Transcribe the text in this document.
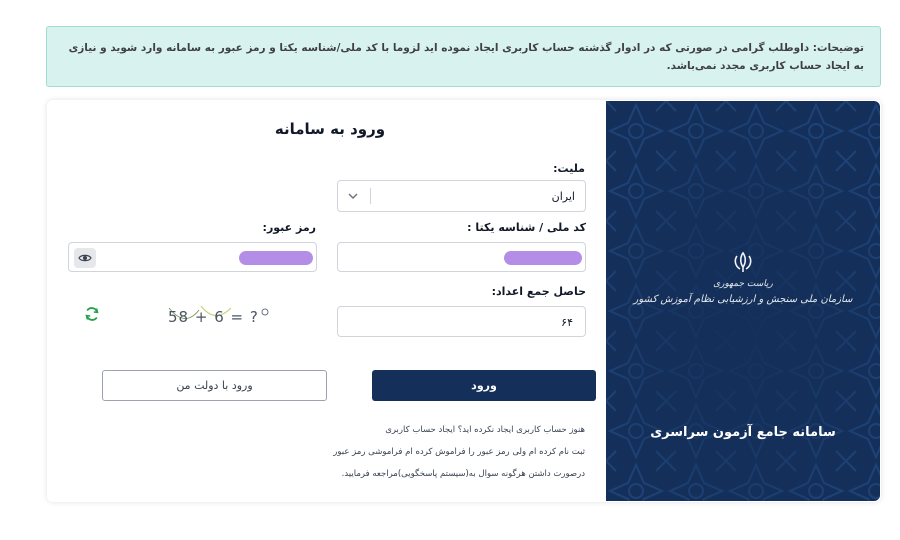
توضیحات: داوطلب گرامی در صورتی که در ادوار گذشته حساب کاربری ایجاد نموده اید لزوما با کد ملی/شناسه یکتا و رمز عبور به سامانه وارد شوید و نیازی به ایجاد حساب کاربری مجدد نمی‌باشد.
ریاست جمهوری
سازمان ملی سنجش و ارزشیابی نظام آموزش کشور
سامانه جامع آزمون سراسری
ورود به سامانه
ملیت:
ایران
کد ملی / شناسه یکتا :
رمز عبور:
حاصل جمع اعداد:
۶۴
58 + 6 = ?
ورود
ورود با دولت من
هنوز حساب کاربری ایجاد نکرده اید؟ ایجاد حساب کاربری
ثبت نام کرده ام ولی رمز عبور را فراموش کرده ام فراموشی رمز عبور
درصورت داشتن هرگونه سوال به(سیستم پاسخگویی)مراجعه فرمایید.
